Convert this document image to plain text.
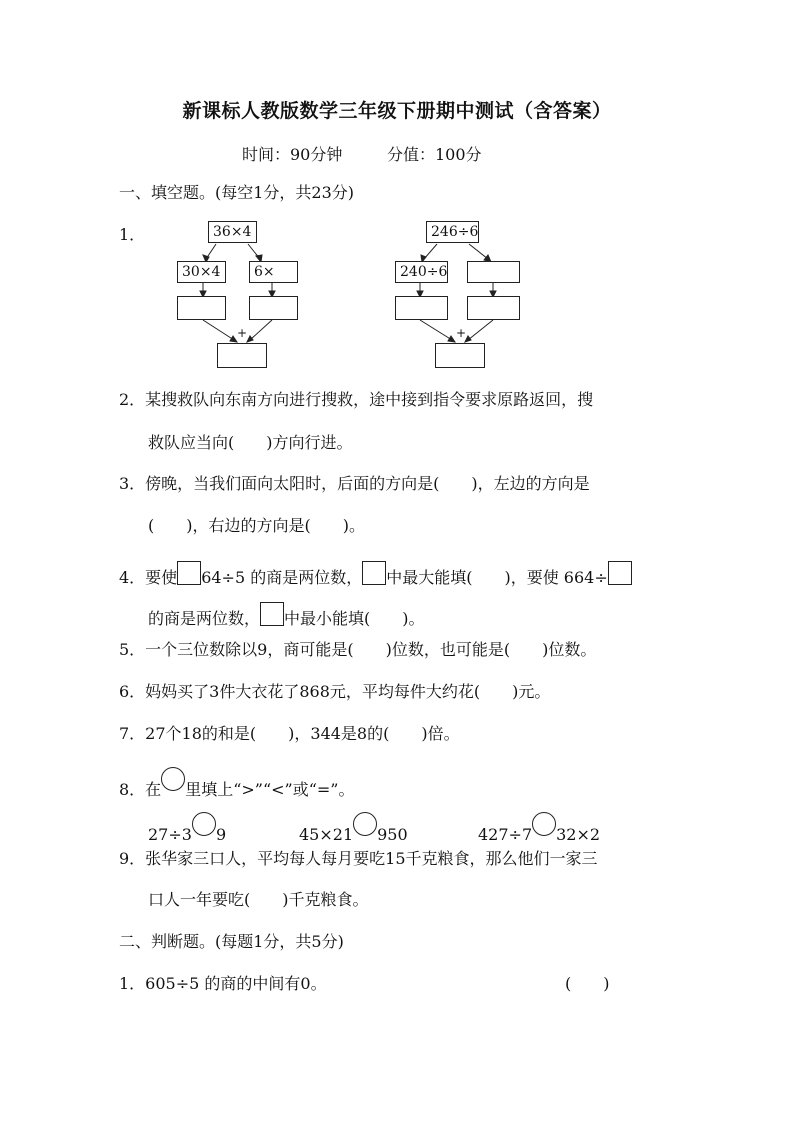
新课标人教版数学三年级下册期中测试（含答案）
时间：90分钟	分值：100分
一、填空题。(每空1分，共23分)
1．	36×4
30×4	6×
+
246÷6
240÷6
+
2．某搜救队向东南方向进行搜救，途中接到指令要求原路返回，搜
救队应当向(　　)方向行进。
3．傍晚，当我们面向太阳时，后面的方向是(　　)，左边的方向是
(　　)，右边的方向是(　　)。
4．要使 64÷5 的商是两位数， 中最大能填(　　)，要使 664÷
的商是两位数， 中最小能填(　　)。
5．一个三位数除以9，商可能是(　　)位数，也可能是(　　)位数。
6．妈妈买了3件大衣花了868元，平均每件大约花(　　)元。
7．27个18的和是(　　)，344是8的(　　)倍。
8．在 里填上“>”“<”或“=”。
27÷3 9	45×21 950	427÷7 32×2
9．张华家三口人，平均每人每月要吃15千克粮食，那么他们一家三
口人一年要吃(　　)千克粮食。
二、判断题。(每题1分，共5分)
1．605÷5 的商的中间有0。	(　　)
